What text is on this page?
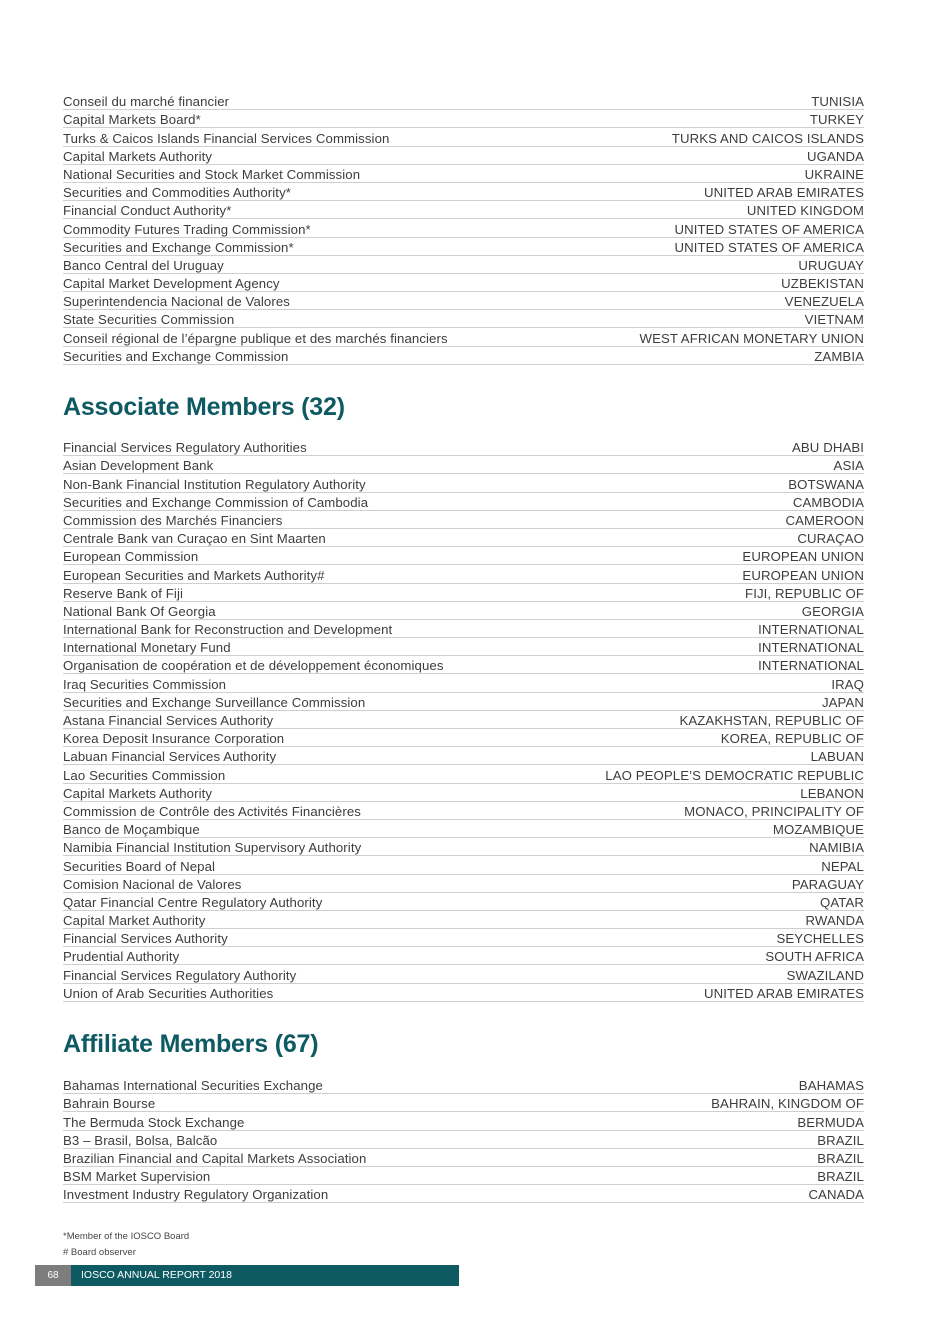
Conseil du marché financier	TUNISIA
Capital Markets Board*	TURKEY
Turks & Caicos Islands Financial Services Commission	TURKS AND CAICOS ISLANDS
Capital Markets Authority	UGANDA
National Securities and Stock Market Commission	UKRAINE
Securities and Commodities Authority*	UNITED ARAB EMIRATES
Financial Conduct Authority*	UNITED KINGDOM
Commodity Futures Trading Commission*	UNITED STATES OF AMERICA
Securities and Exchange Commission*	UNITED STATES OF AMERICA
Banco Central del Uruguay	URUGUAY
Capital Market Development Agency	UZBEKISTAN
Superintendencia Nacional de Valores	VENEZUELA
State Securities Commission	VIETNAM
Conseil régional de l’épargne publique et des marchés financiers	WEST AFRICAN MONETARY UNION
Securities and Exchange Commission	ZAMBIA
Associate Members (32)
Financial Services Regulatory Authorities	ABU DHABI
Asian Development Bank	ASIA
Non-Bank Financial Institution Regulatory Authority	BOTSWANA
Securities and Exchange Commission of Cambodia	CAMBODIA
Commission des Marchés Financiers	CAMEROON
Centrale Bank van Curaçao en Sint Maarten	CURAÇAO
European Commission	EUROPEAN UNION
European Securities and Markets Authority#	EUROPEAN UNION
Reserve Bank of Fiji	FIJI, REPUBLIC OF
National Bank Of Georgia	GEORGIA
International Bank for Reconstruction and Development	INTERNATIONAL
International Monetary Fund	INTERNATIONAL
Organisation de coopération et de développement économiques	INTERNATIONAL
Iraq Securities Commission	IRAQ
Securities and Exchange Surveillance Commission	JAPAN
Astana Financial Services Authority	KAZAKHSTAN, REPUBLIC OF
Korea Deposit Insurance Corporation	KOREA, REPUBLIC OF
Labuan Financial Services Authority	LABUAN
Lao Securities Commission	LAO PEOPLE’S DEMOCRATIC REPUBLIC
Capital Markets Authority	LEBANON
Commission de Contrôle des Activités Financières	MONACO, PRINCIPALITY OF
Banco de Moçambique	MOZAMBIQUE
Namibia Financial Institution Supervisory Authority	NAMIBIA
Securities Board of Nepal	NEPAL
Comision Nacional de Valores	PARAGUAY
Qatar Financial Centre Regulatory Authority	QATAR
Capital Market Authority	RWANDA
Financial Services Authority	SEYCHELLES
Prudential Authority	SOUTH AFRICA
Financial Services Regulatory Authority	SWAZILAND
Union of Arab Securities Authorities	UNITED ARAB EMIRATES
Affiliate Members (67)
Bahamas International Securities Exchange	BAHAMAS
Bahrain Bourse	BAHRAIN, KINGDOM OF
The Bermuda Stock Exchange	BERMUDA
B3 – Brasil, Bolsa, Balcão	BRAZIL
Brazilian Financial and Capital Markets Association	BRAZIL
BSM Market Supervision	BRAZIL
Investment Industry Regulatory Organization	CANADA
*Member of the IOSCO Board
# Board observer
68	IOSCO ANNUAL REPORT 2018
